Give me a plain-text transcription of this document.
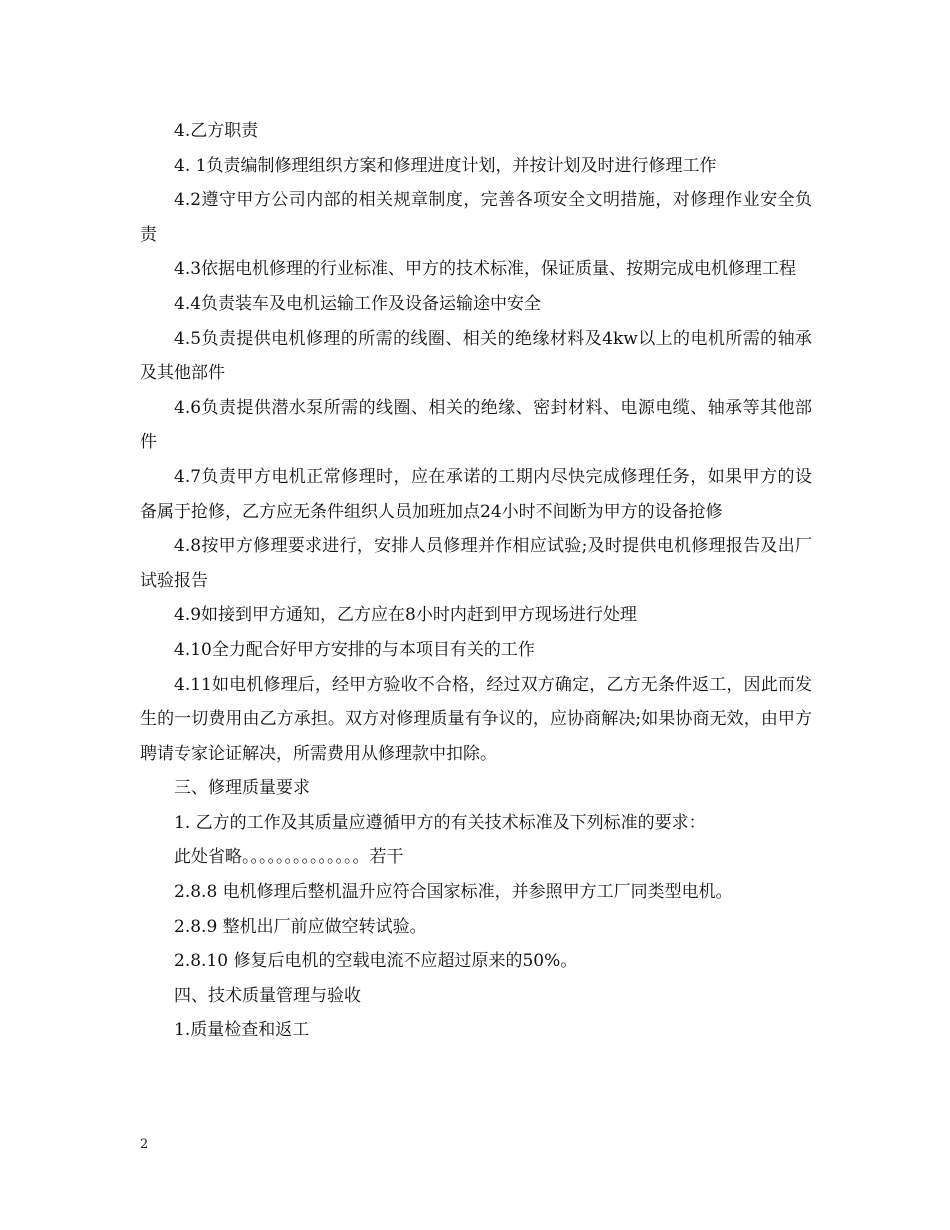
4.乙方职责

4. 1负责编制修理组织方案和修理进度计划，并按计划及时进行修理工作

4.2遵守甲方公司内部的相关规章制度，完善各项安全文明措施，对修理作业安全负责

4.3依据电机修理的行业标准、甲方的技术标准，保证质量、按期完成电机修理工程

4.4负责装车及电机运输工作及设备运输途中安全

4.5负责提供电机修理的所需的线圈、相关的绝缘材料及4kw以上的电机所需的轴承及其他部件

4.6负责提供潜水泵所需的线圈、相关的绝缘、密封材料、电源电缆、轴承等其他部件

4.7负责甲方电机正常修理时，应在承诺的工期内尽快完成修理任务，如果甲方的设备属于抢修，乙方应无条件组织人员加班加点24小时不间断为甲方的设备抢修

4.8按甲方修理要求进行，安排人员修理并作相应试验;及时提供电机修理报告及出厂试验报告

4.9如接到甲方通知，乙方应在8小时内赶到甲方现场进行处理

4.10全力配合好甲方安排的与本项目有关的工作

4.11如电机修理后，经甲方验收不合格，经过双方确定，乙方无条件返工，因此而发生的一切费用由乙方承担。双方对修理质量有争议的，应协商解决;如果协商无效，由甲方聘请专家论证解决，所需费用从修理款中扣除。

三、修理质量要求

1. 乙方的工作及其质量应遵循甲方的有关技术标准及下列标准的要求：

此处省略。。。。。。。。。。。。。。若干

2.8.8 电机修理后整机温升应符合国家标准，并参照甲方工厂同类型电机。

2.8.9 整机出厂前应做空转试验。

2.8.10 修复后电机的空载电流不应超过原来的50%。

四、技术质量管理与验收

1.质量检查和返工

2
